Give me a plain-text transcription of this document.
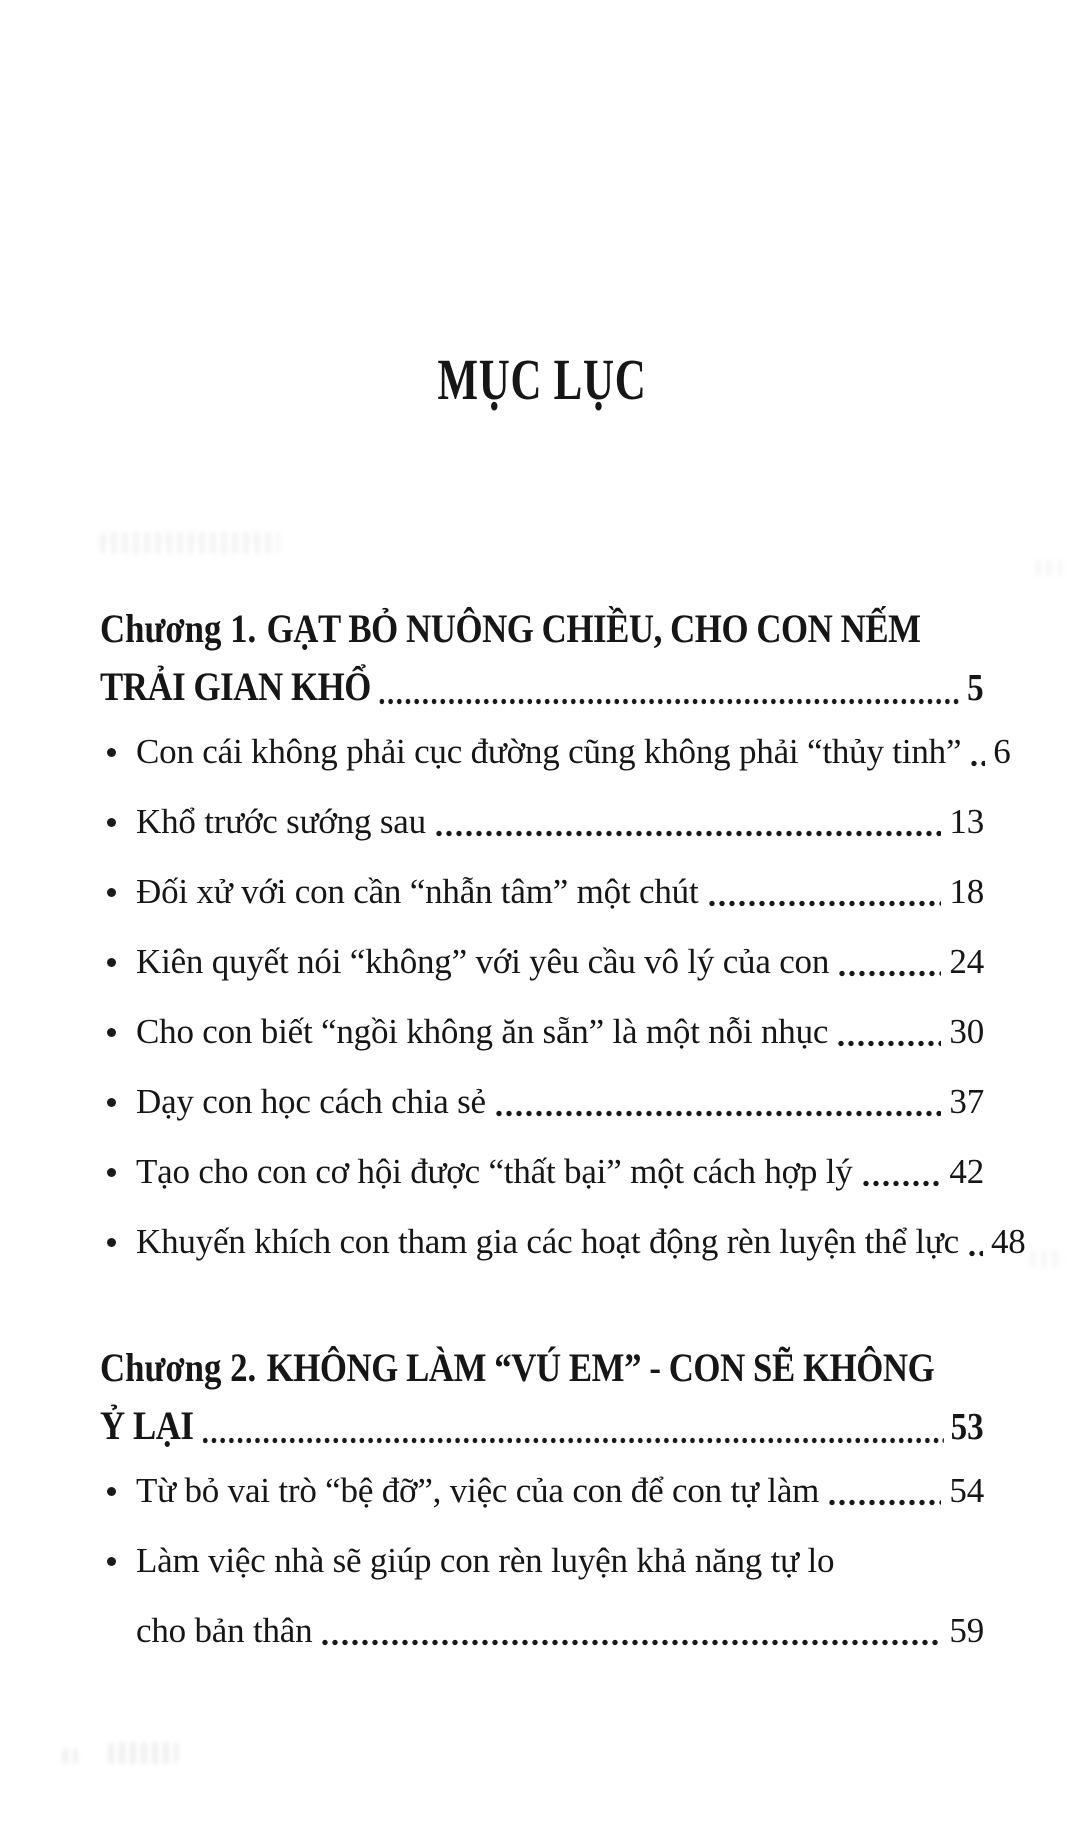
MỤC LỤC
Chương 1. GẠT BỎ NUÔNG CHIỀU, CHO CON NẾM
TRẢI GIAN KHỔ	5
Con cái không phải cục đường cũng không phải “thủy tinh” 6
Khổ trước sướng sau	13
Đối xử với con cần “nhẫn tâm” một chút	18
Kiên quyết nói “không” với yêu cầu vô lý của con	24
Cho con biết “ngồi không ăn sẵn” là một nỗi nhục	30
Dạy con học cách chia sẻ	37
Tạo cho con cơ hội được “thất bại” một cách hợp lý	42
Khuyến khích con tham gia các hoạt động rèn luyện thể lực 48
Chương 2. KHÔNG LÀM “VÚ EM” - CON SẼ KHÔNG
Ỷ LẠI	53
Từ bỏ vai trò “bệ đỡ”, việc của con để con tự làm	54
Làm việc nhà sẽ giúp con rèn luyện khả năng tự lo
cho bản thân	59
